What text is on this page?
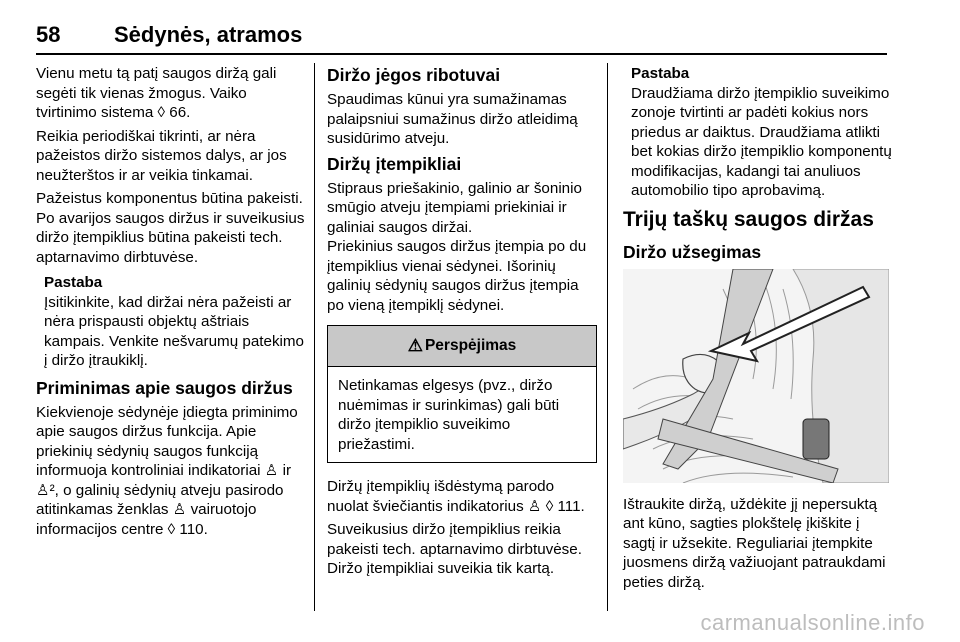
58 Sėdynės, atramos

Vienu metu tą patį saugos diržą gali segėti tik vienas žmogus. Vaiko tvirtinimo sistema ◊ 66.

Reikia periodiškai tikrinti, ar nėra pažeistos diržo sistemos dalys, ar jos neužterštos ir ar veikia tinkamai.

Pažeistus komponentus būtina pakeisti. Po avarijos saugos diržus ir suveikusius diržo įtempiklius būtina pakeisti tech. aptarnavimo dirbtuvėse.

Pastaba
Įsitikinkite, kad diržai nėra pažeisti ar nėra prispausti objektų aštriais kampais. Venkite nešvarumų patekimo į diržo įtraukiklį.
Priminimas apie saugos diržus

Kiekvienoje sėdynėje įdiegta priminimo apie saugos diržus funkcija. Apie priekinių sėdynių saugos funkciją informuoja kontroliniai indikatoriai ♙ ir ♙², o galinių sėdynių atveju pasirodo atitinkamas ženklas ♙ vairuotojo informacijos centre ◊ 110.

Diržo jėgos ribotuvai

Spaudimas kūnui yra sumažinamas palaipsniui sumažinus diržo atleidimą susidūrimo atveju.

Diržų įtempikliai

Stipraus priešakinio, galinio ar šoninio smūgio atveju įtempiami priekiniai ir galiniai saugos diržai.

Priekinius saugos diržus įtempia po du įtempiklius vienai sėdynei. Išorinių galinių sėdynių saugos diržus įtempia po vieną įtempiklį sėdynei.

⚠ Perspėjimas
Netinkamas elgesys (pvz., diržo nuėmimas ir surinkimas) gali būti diržo įtempiklio suveikimo priežastimi.

Diržų įtempiklių išdėstymą parodo nuolat šviečiantis indikatorius ♙ ◊ 111.

Suveikusius diržo įtempiklius reikia pakeisti tech. aptarnavimo dirbtuvėse. Diržo įtempikliai suveikia tik kartą.

Pastaba
Draudžiama diržo įtempiklio suveikimo zonoje tvirtinti ar padėti kokius nors priedus ar daiktus. Draudžiama atlikti bet kokias diržo įtempiklio komponentų modifikacijas, kadangi tai anuliuos automobilio tipo aprobavimą.
Trijų taškų saugos diržas
Diržo užsegimas

Ištraukite diržą, uždėkite jį nepersuktą ant kūno, sagties plokštelę įkiškite į sagtį ir užsekite. Reguliariai įtempkite juosmens diržą važiuojant patraukdami peties diržą.

carmanualsonline.info
